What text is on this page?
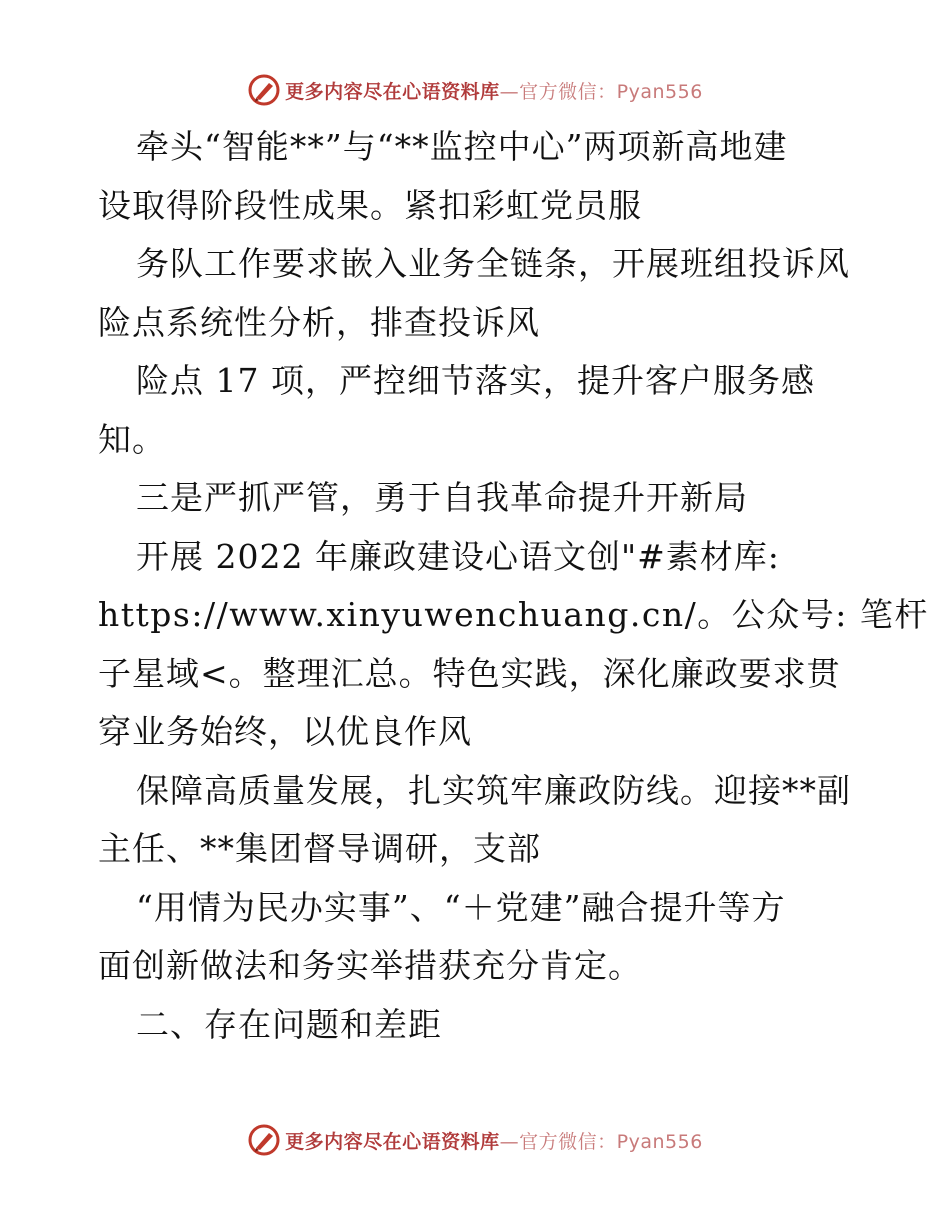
更多内容尽在心语资料库—官方微信：Pyan556
牵头“智能**”与“**监控中心”两项新高地建
设取得阶段性成果。紧扣彩虹党员服
务队工作要求嵌入业务全链条，开展班组投诉风
险点系统性分析，排查投诉风
险点 17 项，严控细节落实，提升客户服务感
知。
三是严抓严管，勇于自我革命提升开新局
开展 2022 年廉政建设心语文创"#素材库:
https://www.xinyuwenchuang.cn/。公众号: 笔杆
子星域<。整理汇总。特色实践，深化廉政要求贯
穿业务始终，以优良作风
保障高质量发展，扎实筑牢廉政防线。迎接**副
主任、**集团督导调研，支部
“用情为民办实事”、“＋党建”融合提升等方
面创新做法和务实举措获充分肯定。
二、存在问题和差距
更多内容尽在心语资料库—官方微信：Pyan556
